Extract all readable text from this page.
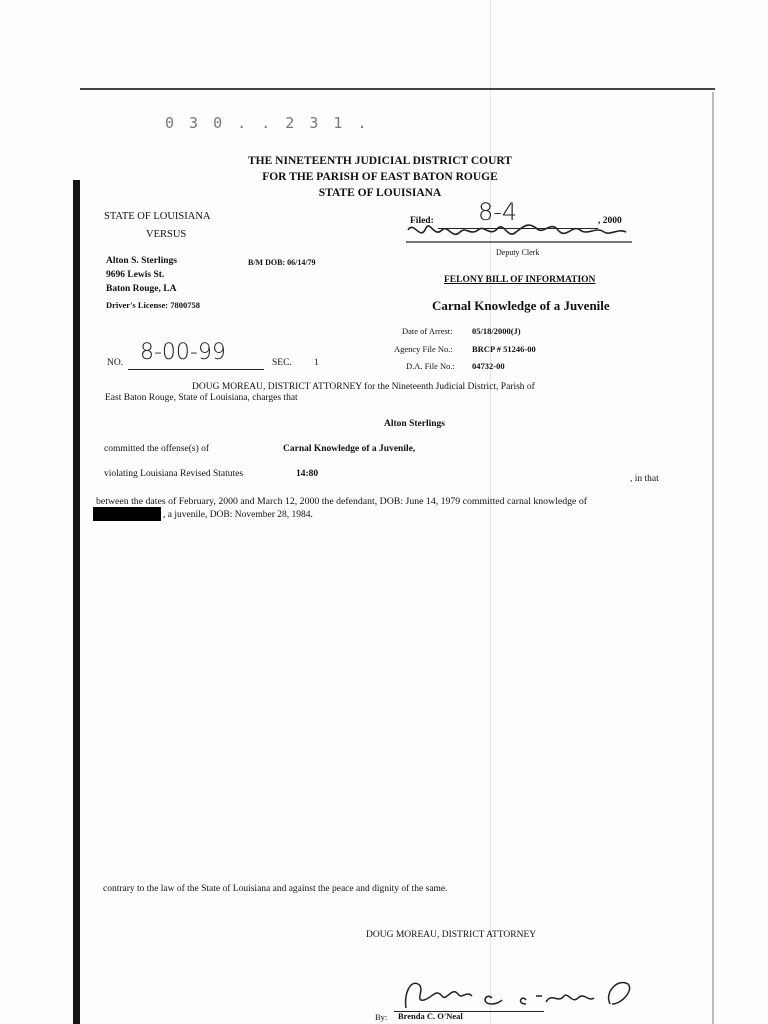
0 3 0 . . 2 3 1 .
THE NINETEENTH JUDICIAL DISTRICT COURT
FOR THE PARISH OF EAST BATON ROUGE
STATE OF LOUISIANA
STATE OF LOUISIANA
VERSUS
Alton S. Sterlings	B/M DOB: 06/14/79
9696 Lewis St.
Baton Rouge, LA
Driver's License: 7800758
Filed: 8-4	, 2000
Deputy Clerk
FELONY BILL OF INFORMATION
Carnal Knowledge of a Juvenile
Date of Arrest: 05/18/2000(J)
Agency File No.: BRCP # 51246-00
D.A. File No.: 04732-00
NO. 8-00-99	SEC. 1
DOUG MOREAU, DISTRICT ATTORNEY for the Nineteenth Judicial District, Parish of
East Baton Rouge, State of Louisiana, charges that
Alton Sterlings
committed the offense(s) of	Carnal Knowledge of a Juvenile,
violating Louisiana Revised Statutes	14:80	, in that
between the dates of February, 2000 and March 12, 2000 the defendant, DOB: June 14, 1979 committed carnal knowledge of
, a juvenile, DOB: November 28, 1984.
contrary to the law of the State of Louisiana and against the peace and dignity of the same.
DOUG MOREAU, DISTRICT ATTORNEY
By: Brenda C. O'Neal
